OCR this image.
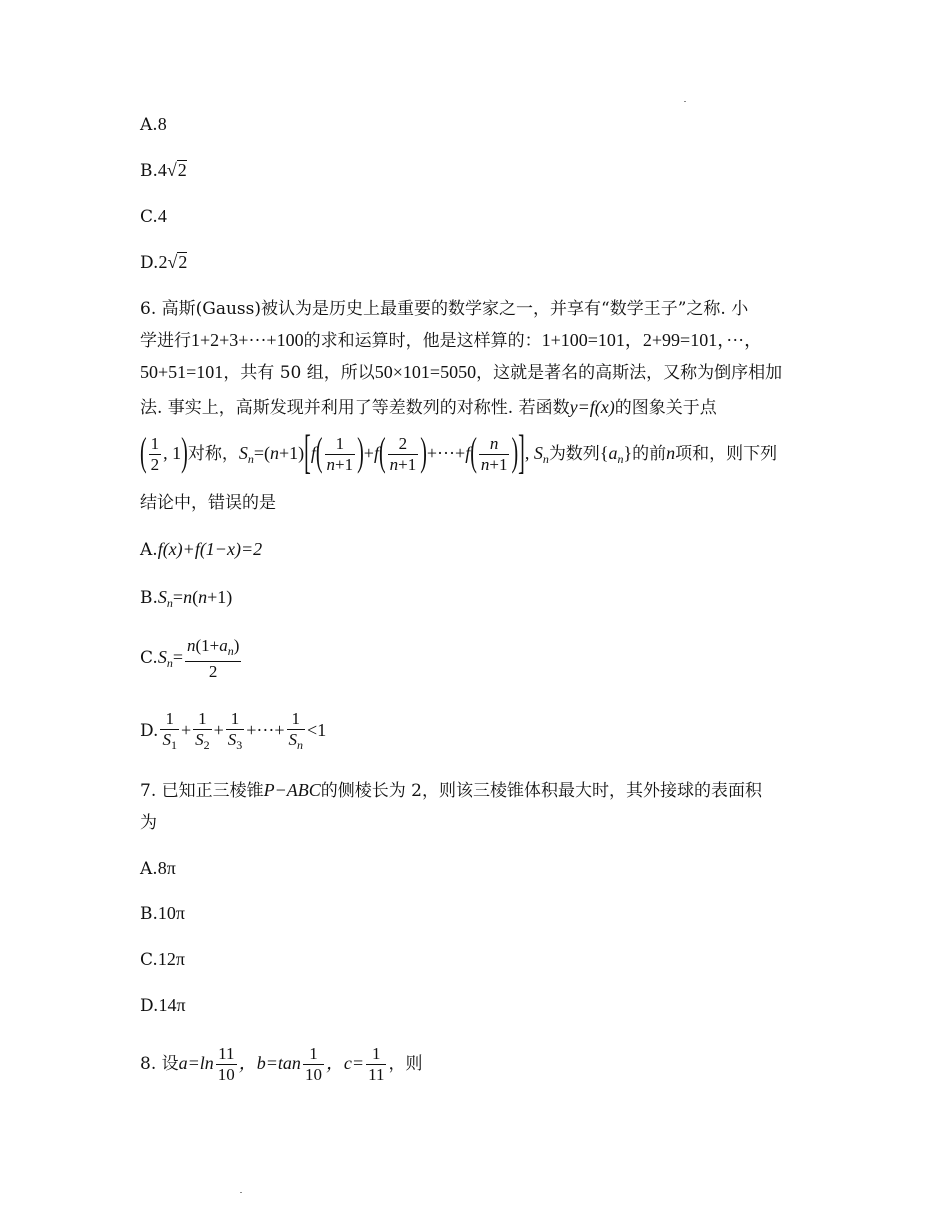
A.8
B.4√2
C.4
D.2√2
6. 高斯(Gauss)被认为是历史上最重要的数学家之一，并享有“数学王子”之称. 小
学进行1+2+3+···+100的求和运算时，他是这样算的：1+100=101，2+99=101，···，
50+51=101，共有 50 组，所以50×101=5050，这就是著名的高斯法，又称为倒序相加
法. 事实上，高斯发现并利用了等差数列的对称性. 若函数y=f(x)的图象关于点
( $\frac{1}{2}$ , 1)对称，$S_n=(n+1)[f( \frac{1}{n+1} )+f( \frac{2}{n+1} )+\cdot\cdot\cdot+f( \frac{n}{n+1}$ )], $S_n$为数列$\{a_n\}$的前n项和，则下列
结论中，错误的是
A.f(x)+f(1−x)=2
$B.S_n=n(n+1)$
$C.S_n= \frac{n(1+a_n)}{2}$
D. $\frac{1}{S_1} + \frac{1}{S_2} + \frac{1}{S_3}$ +···+ $\frac{1}{S_n} <1$
7. 已知正三棱锥P−ABC的侧棱长为 2，则该三棱锥体积最大时，其外接球的表面积
为
A.8π
B.10π
C.12π
D.14π
8. 设$a=\ln \frac{11}{10}$ ，$b=\tan \frac{1}{10}$ ，$c= \frac{1}{11}$ ，则
